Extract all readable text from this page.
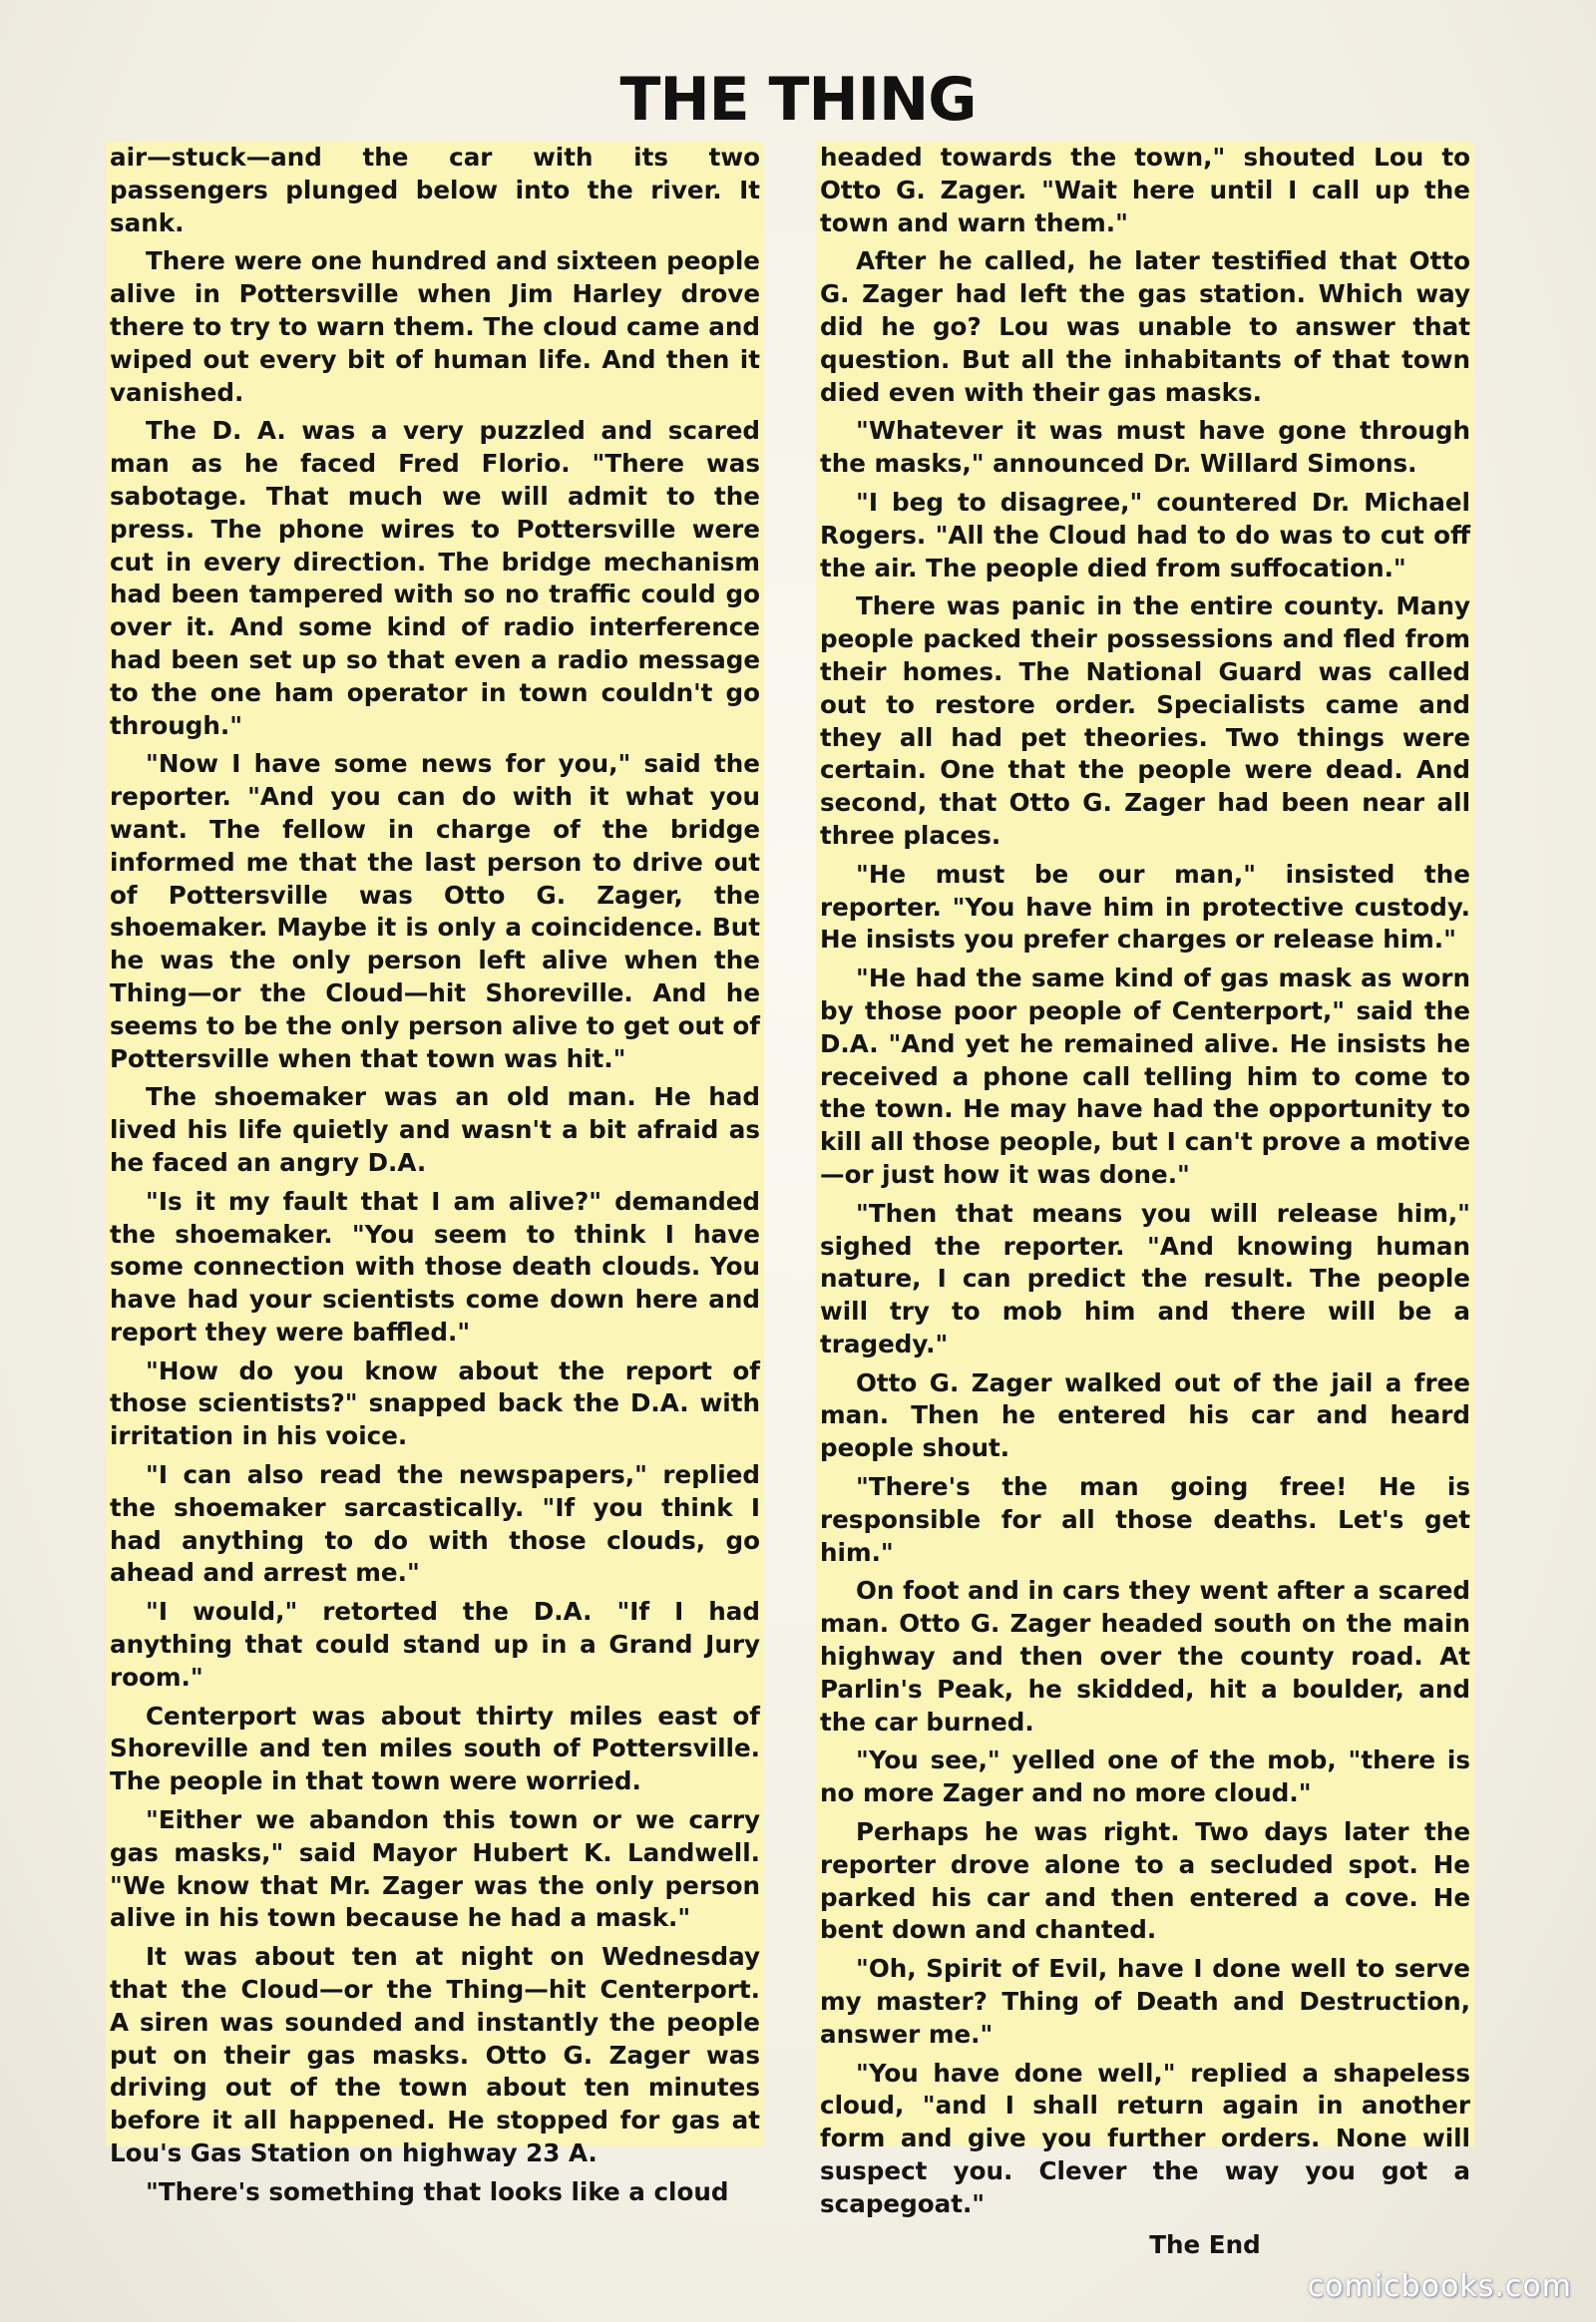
THE THING

air—stuck—and the car with its two passengers plunged below into the river. It sank.

There were one hundred and sixteen people alive in Pottersville when Jim Harley drove there to try to warn them. The cloud came and wiped out every bit of human life. And then it vanished.

The D. A. was a very puzzled and scared man as he faced Fred Florio. "There was sabotage. That much we will admit to the press. The phone wires to Pottersville were cut in every direction. The bridge mechanism had been tampered with so no traffic could go over it. And some kind of radio interference had been set up so that even a radio message to the one ham operator in town couldn't go through."

"Now I have some news for you," said the reporter. "And you can do with it what you want. The fellow in charge of the bridge informed me that the last person to drive out of Pottersville was Otto G. Zager, the shoemaker. Maybe it is only a coincidence. But he was the only person left alive when the Thing—or the Cloud—hit Shoreville. And he seems to be the only person alive to get out of Pottersville when that town was hit."

The shoemaker was an old man. He had lived his life quietly and wasn't a bit afraid as he faced an angry D.A.

"Is it my fault that I am alive?" demanded the shoemaker. "You seem to think I have some connection with those death clouds. You have had your scientists come down here and report they were baffled."

"How do you know about the report of those scientists?" snapped back the D.A. with irritation in his voice.

"I can also read the newspapers," replied the shoemaker sarcastically. "If you think I had anything to do with those clouds, go ahead and arrest me."

"I would," retorted the D.A. "If I had anything that could stand up in a Grand Jury room."

Centerport was about thirty miles east of Shoreville and ten miles south of Pottersville. The people in that town were worried.

"Either we abandon this town or we carry gas masks," said Mayor Hubert K. Landwell. "We know that Mr. Zager was the only person alive in his town because he had a mask."

It was about ten at night on Wednesday that the Cloud—or the Thing—hit Centerport. A siren was sounded and instantly the people put on their gas masks. Otto G. Zager was driving out of the town about ten minutes before it all happened. He stopped for gas at Lou's Gas Station on highway 23 A.

"There's something that looks like a cloud

headed towards the town," shouted Lou to Otto G. Zager. "Wait here until I call up the town and warn them."

After he called, he later testified that Otto G. Zager had left the gas station. Which way did he go? Lou was unable to answer that question. But all the inhabitants of that town died even with their gas masks.

"Whatever it was must have gone through the masks," announced Dr. Willard Simons.

"I beg to disagree," countered Dr. Michael Rogers. "All the Cloud had to do was to cut off the air. The people died from suffocation."

There was panic in the entire county. Many people packed their possessions and fled from their homes. The National Guard was called out to restore order. Specialists came and they all had pet theories. Two things were certain. One that the people were dead. And second, that Otto G. Zager had been near all three places.

"He must be our man," insisted the reporter. "You have him in protective custody. He insists you prefer charges or release him."

"He had the same kind of gas mask as worn by those poor people of Centerport," said the D.A. "And yet he remained alive. He insists he received a phone call telling him to come to the town. He may have had the opportunity to kill all those people, but I can't prove a motive—or just how it was done."

"Then that means you will release him," sighed the reporter. "And knowing human nature, I can predict the result. The people will try to mob him and there will be a tragedy."

Otto G. Zager walked out of the jail a free man. Then he entered his car and heard people shout.

"There's the man going free! He is responsible for all those deaths. Let's get him."

On foot and in cars they went after a scared man. Otto G. Zager headed south on the main highway and then over the county road. At Parlin's Peak, he skidded, hit a boulder, and the car burned.

"You see," yelled one of the mob, "there is no more Zager and no more cloud."

Perhaps he was right. Two days later the reporter drove alone to a secluded spot. He parked his car and then entered a cove. He bent down and chanted.

"Oh, Spirit of Evil, have I done well to serve my master? Thing of Death and Destruction, answer me."

"You have done well," replied a shapeless cloud, "and I shall return again in another form and give you further orders. None will suspect you. Clever the way you got a scapegoat."

The End

comicbooks.com
